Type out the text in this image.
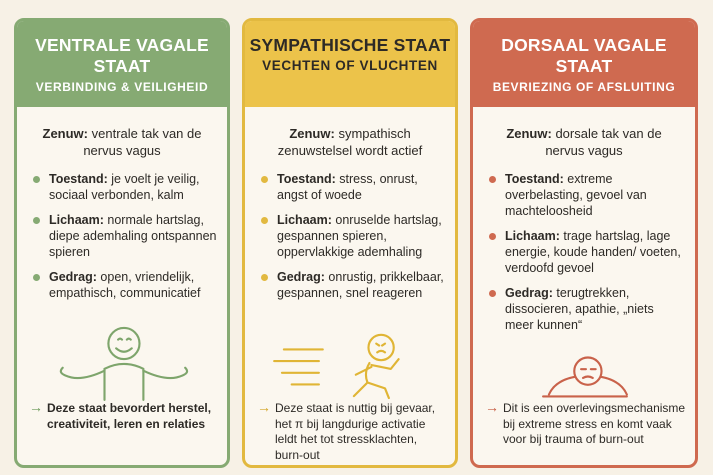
VENTRALE VAGALE
STAAT
VERBINDING & VEILIGHEID
Zenuw: ventrale tak van de nervus vagus
Toestand: je voelt je veilig, sociaal verbonden, kalm
Lichaam: normale hartslag, diepe ademhaling ontspannen spieren
Gedrag: open, vriendelijk, empathisch, communicatief
→ Deze staat bevordert herstel, creativiteit, leren en relaties
SYMPATHISCHE STAAT
VECHTEN OF VLUCHTEN
Zenuw: sympathisch zenuwstelsel wordt actief
Toestand: stress, onrust, angst of woede
Lichaam: onruselde hartslag, gespannen spieren, oppervlakkige ademhaling
Gedrag: onrustig, prikkelbaar, gespannen, snel reageren
→ Deze staat is nuttig bij gevaar, het π bij langdurige activatie leldt het tot stressklachten, burn-out
DORSAAL VAGALE STAAT
BEVRIEZING OF AFSLUITING
Zenuw: dorsale tak van de nervus vagus
Toestand: extreme overbelasting, gevoel van machteloosheid
Lichaam: trage hartslag, lage energie, koude handen/ voeten, verdoofd gevoel
Gedrag: terugtrekken, dissocieren, apathie, „niets meer kunnen“
→ Dit is een overlevingsmechanisme bij extreme stress en komt vaak voor bij trauma of burn-out
